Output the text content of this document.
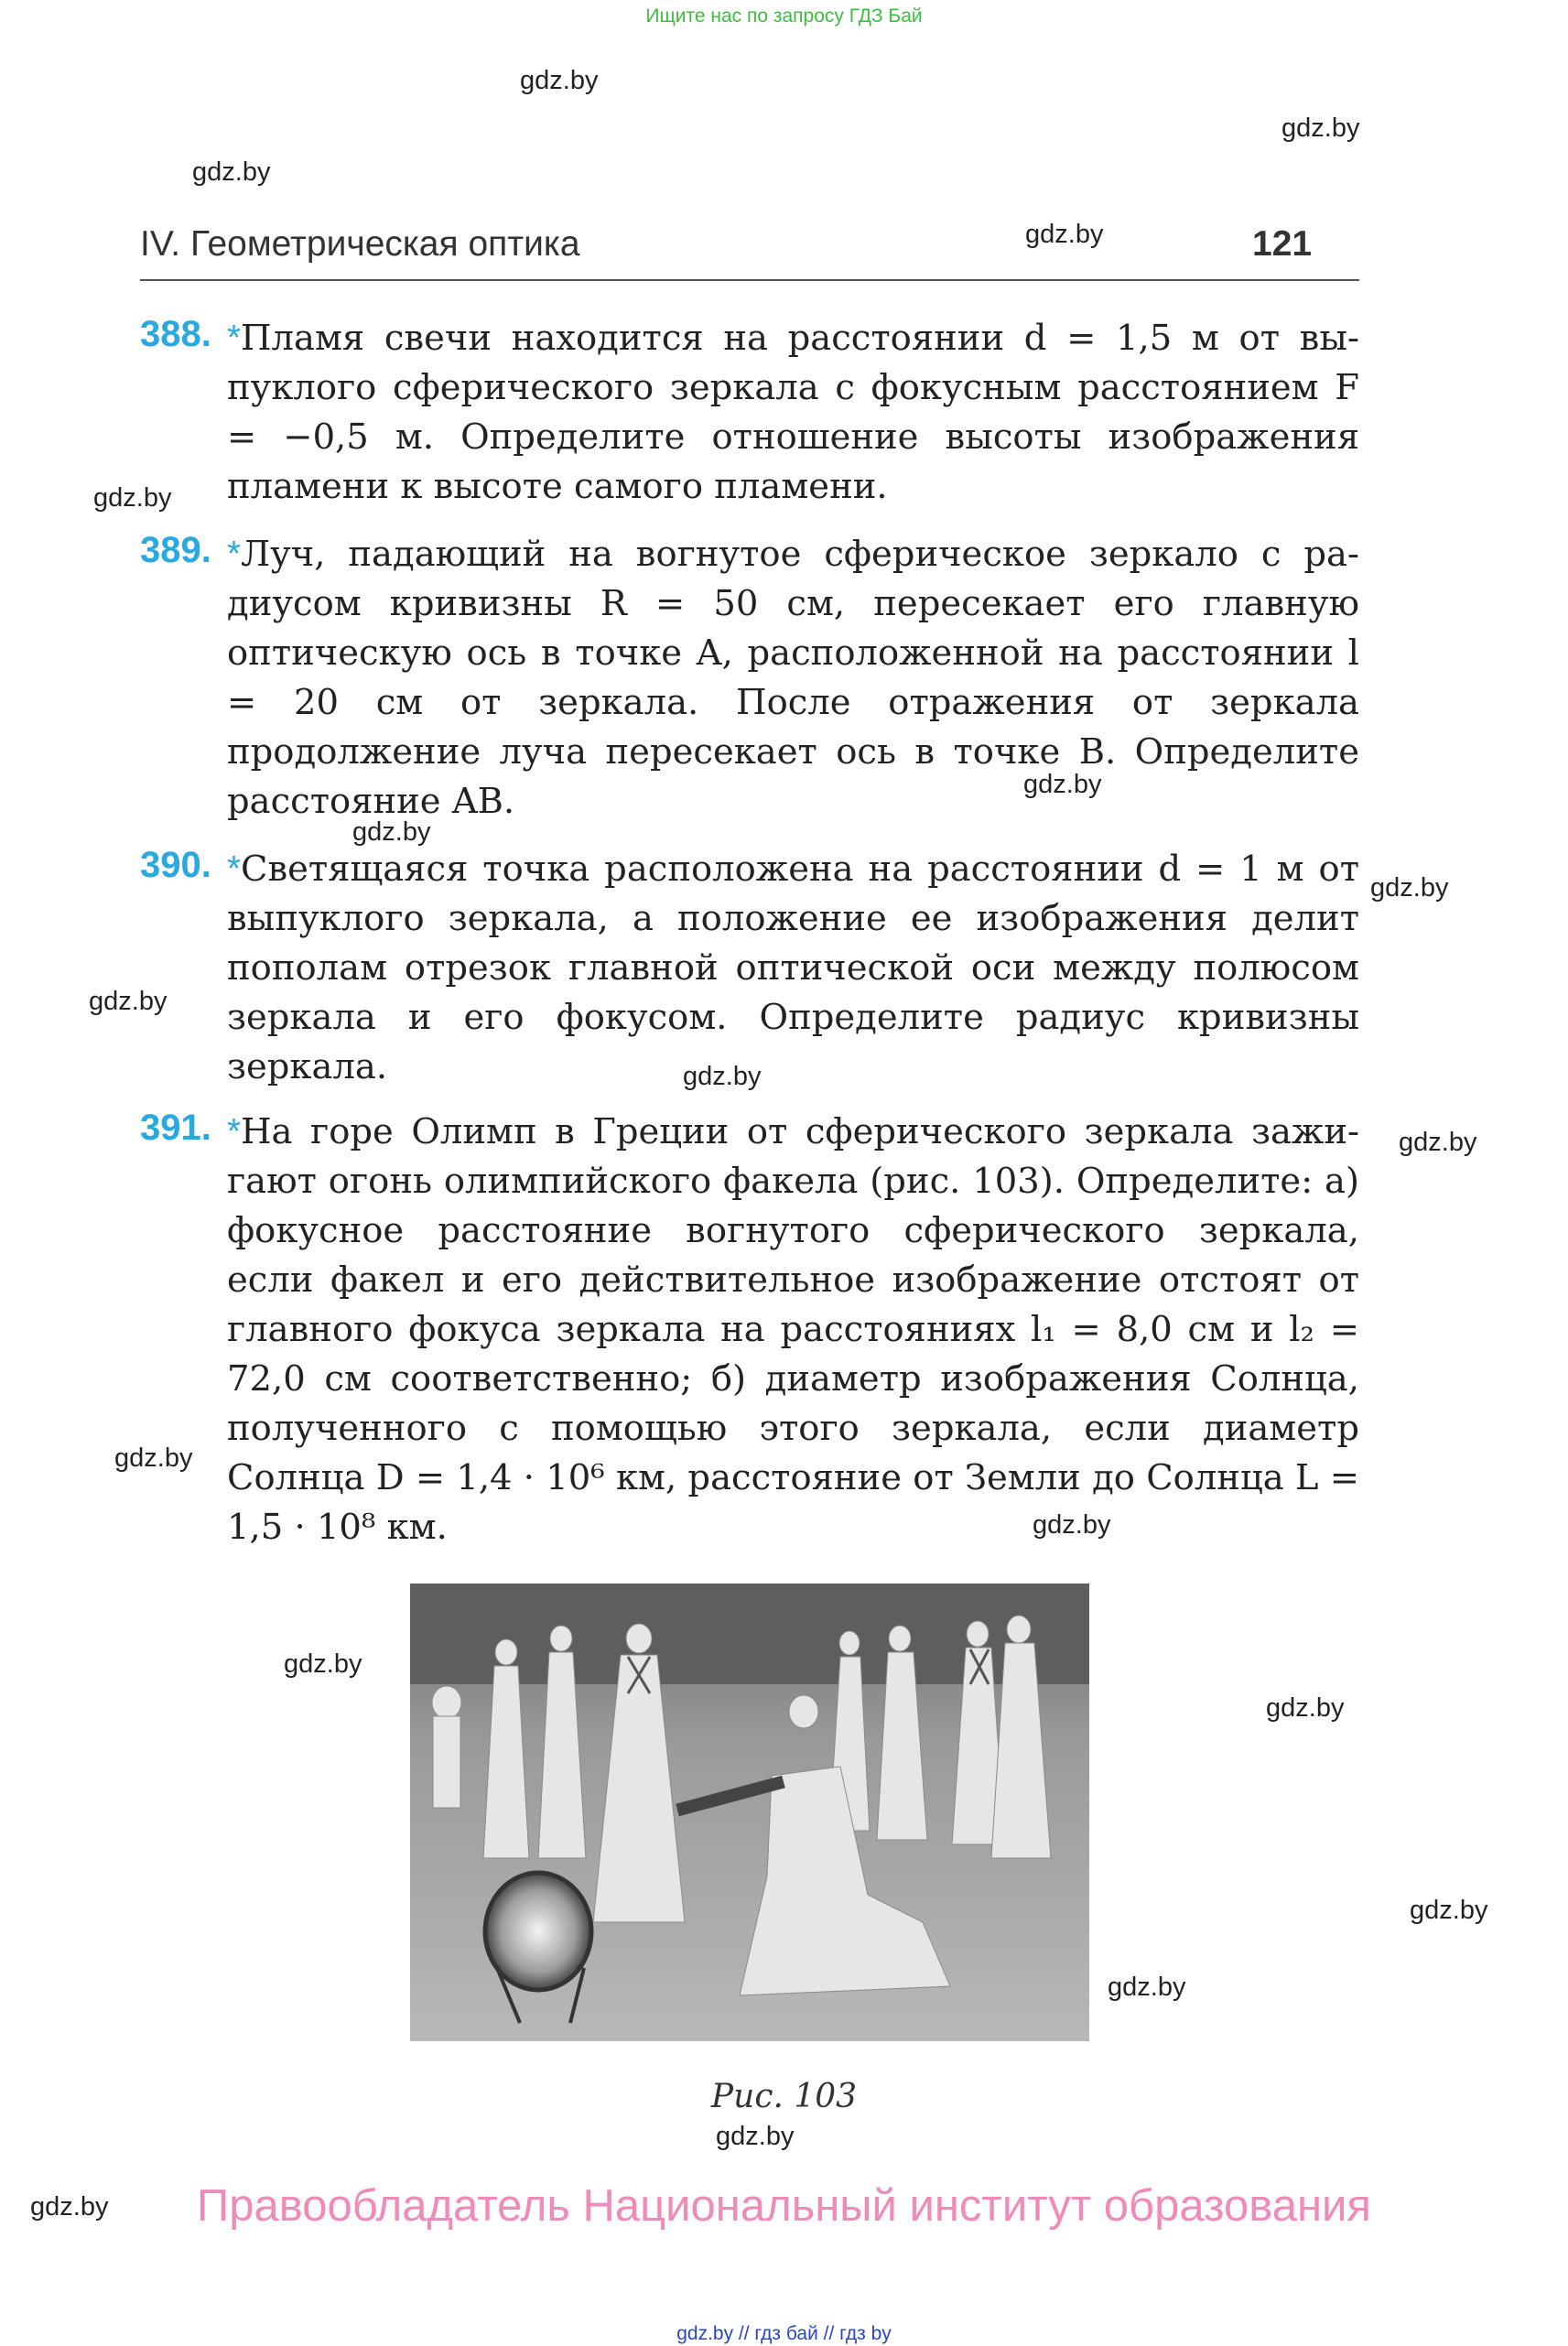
Ищите нас по запросу ГДЗ Бай
gdz.by
gdz.by
gdz.by
gdz.by
gdz.by
gdz.by
gdz.by
gdz.by
gdz.by
gdz.by
gdz.by
gdz.by
gdz.by
gdz.by
gdz.by
gdz.by
gdz.by
gdz.by
gdz.by
IV. Геометрическая оптика	121
388. *Пламя свечи находится на расстоянии d = 1,5 м от выпуклого сферического зеркала с фокусным расстоянием F = −0,5 м. Определите отношение высоты изображения пламени к высоте самого пламени.
389. *Луч, падающий на вогнутое сферическое зеркало с радиусом кривизны R = 50 см, пересекает его главную оптическую ось в точке A, расположенной на расстоянии l = 20 см от зеркала. После отражения от зеркала продолжение луча пересекает ось в точке B. Определите расстояние AB.
390. *Светящаяся точка расположена на расстоянии d = 1 м от выпуклого зеркала, а положение ее изображения делит пополам отрезок главной оптической оси между полюсом зеркала и его фокусом. Определите радиус кривизны зеркала.
391. *На горе Олимп в Греции от сферического зеркала зажигают огонь олимпийского факела (рис. 103). Определите: а) фокусное расстояние вогнутого сферического зеркала, если факел и его действительное изображение отстоят от главного фокуса зеркала на расстояниях l₁ = 8,0 см и l₂ = 72,0 см соответственно; б) диаметр изображения Солнца, полученного с помощью этого зеркала, если диаметр Солнца D = 1,4 · 10⁶ км, расстояние от Земли до Солнца L = 1,5 · 10⁸ км.
Рис. 103
Правообладатель Национальный институт образования
gdz.by // гдз бай // гдз by
